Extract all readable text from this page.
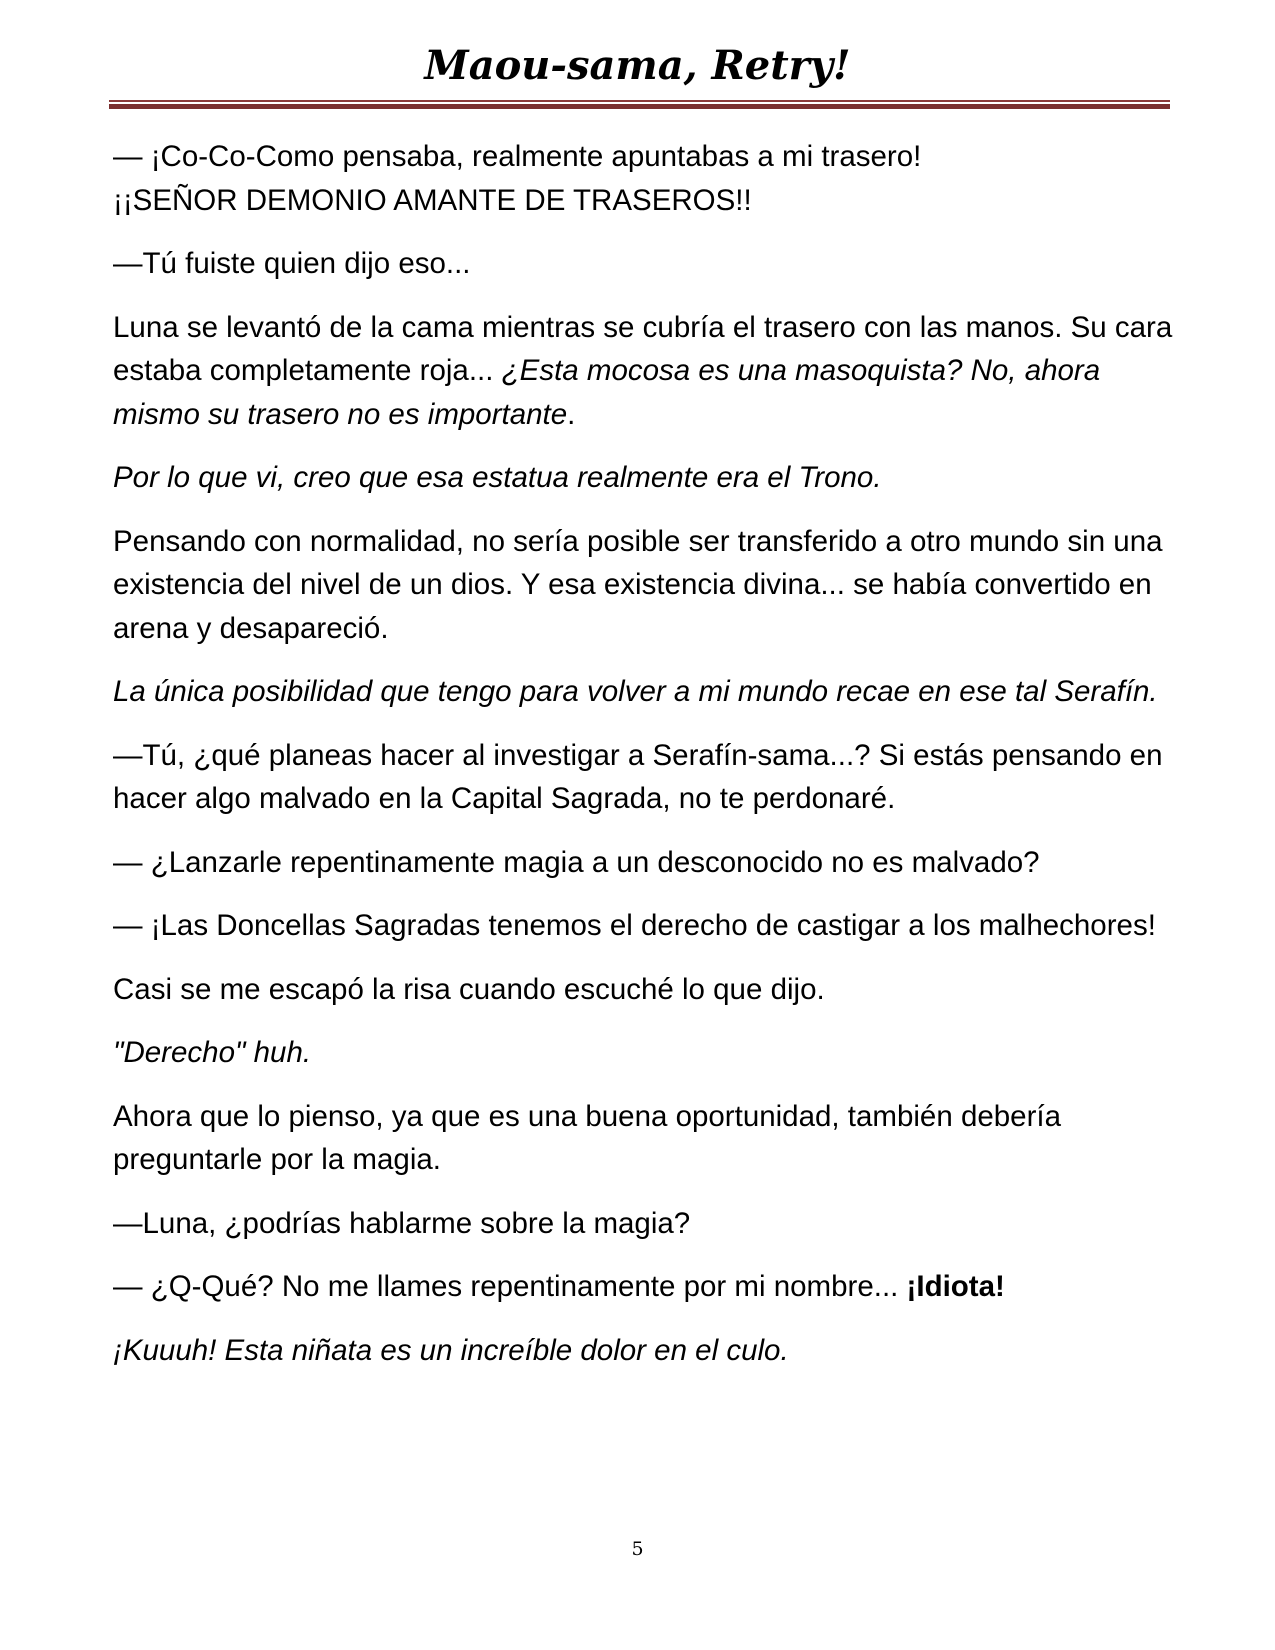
Maou-sama, Retry!

— ¡Co-Co-Como pensaba, realmente apuntabas a mi trasero!
¡¡SEÑOR DEMONIO AMANTE DE TRASEROS!!

—Tú fuiste quien dijo eso...

Luna se levantó de la cama mientras se cubría el trasero con las manos. Su cara estaba completamente roja... ¿Esta mocosa es una masoquista? No, ahora mismo su trasero no es importante.

Por lo que vi, creo que esa estatua realmente era el Trono.

Pensando con normalidad, no sería posible ser transferido a otro mundo sin una existencia del nivel de un dios. Y esa existencia divina... se había convertido en arena y desapareció.

La única posibilidad que tengo para volver a mi mundo recae en ese tal Serafín.

—Tú, ¿qué planeas hacer al investigar a Serafín-sama...? Si estás pensando en hacer algo malvado en la Capital Sagrada, no te perdonaré.

— ¿Lanzarle repentinamente magia a un desconocido no es malvado?

— ¡Las Doncellas Sagradas tenemos el derecho de castigar a los malhechores!

Casi se me escapó la risa cuando escuché lo que dijo.

"Derecho" huh.

Ahora que lo pienso, ya que es una buena oportunidad, también debería preguntarle por la magia.

—Luna, ¿podrías hablarme sobre la magia?

— ¿Q-Qué? No me llames repentinamente por mi nombre... ¡Idiota!

¡Kuuuh! Esta niñata es un increíble dolor en el culo.

5
